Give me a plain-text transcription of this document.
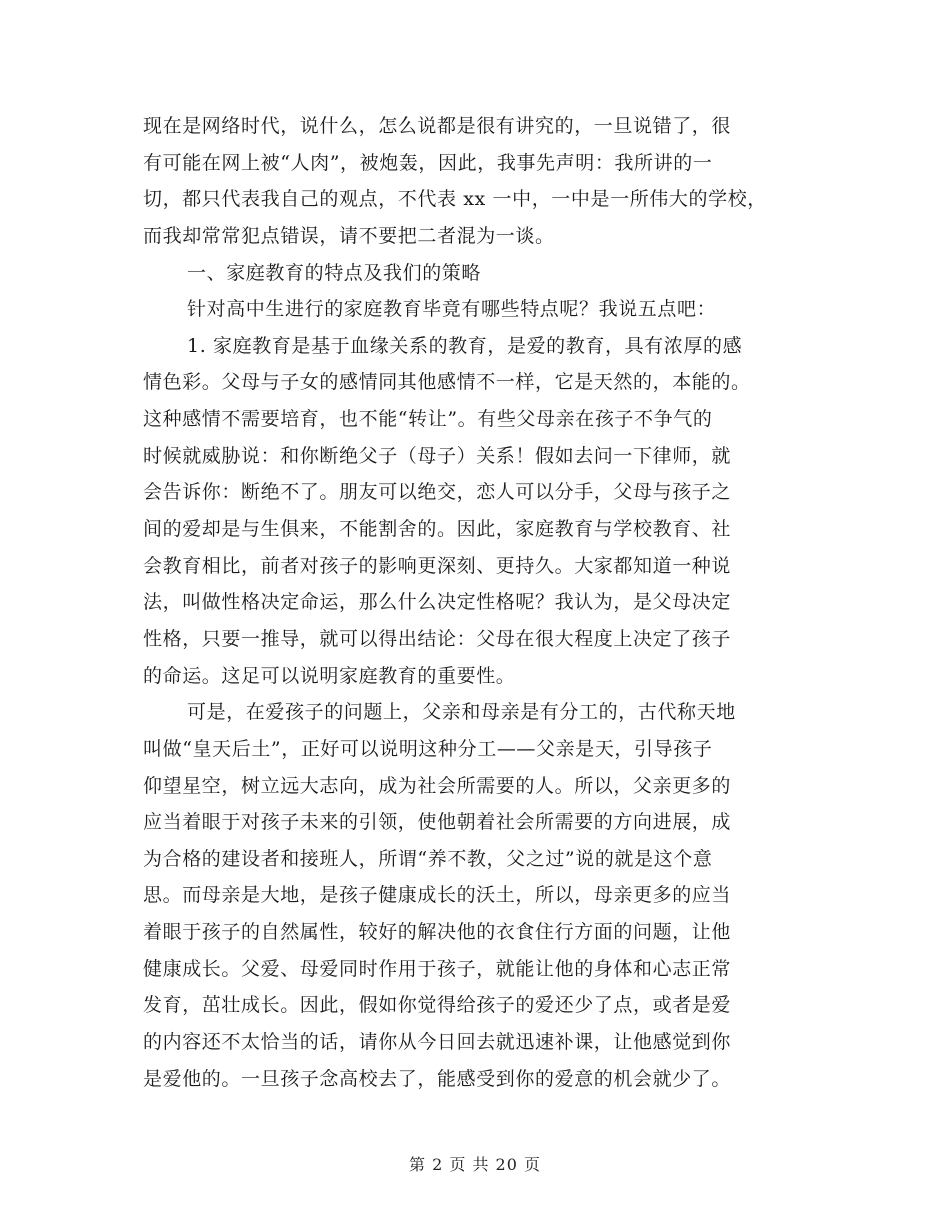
现在是网络时代，说什么，怎么说都是很有讲究的，一旦说错了，很
有可能在网上被“人肉”，被炮轰，因此，我事先声明：我所讲的一
切，都只代表我自己的观点，不代表 xx 一中，一中是一所伟大的学校，
而我却常常犯点错误，请不要把二者混为一谈。
一、家庭教育的特点及我们的策略
针对高中生进行的家庭教育毕竟有哪些特点呢？我说五点吧：
1. 家庭教育是基于血缘关系的教育，是爱的教育，具有浓厚的感
情色彩。父母与子女的感情同其他感情不一样，它是天然的，本能的。
这种感情不需要培育，也不能“转让”。有些父母亲在孩子不争气的
时候就威胁说：和你断绝父子（母子）关系！假如去问一下律师，就
会告诉你：断绝不了。朋友可以绝交，恋人可以分手，父母与孩子之
间的爱却是与生俱来，不能割舍的。因此，家庭教育与学校教育、社
会教育相比，前者对孩子的影响更深刻、更持久。大家都知道一种说
法，叫做性格决定命运，那么什么决定性格呢？我认为，是父母决定
性格，只要一推导，就可以得出结论：父母在很大程度上决定了孩子
的命运。这足可以说明家庭教育的重要性。
可是，在爱孩子的问题上，父亲和母亲是有分工的，古代称天地
叫做“皇天后土”，正好可以说明这种分工——父亲是天，引导孩子
仰望星空，树立远大志向，成为社会所需要的人。所以，父亲更多的
应当着眼于对孩子未来的引领，使他朝着社会所需要的方向进展，成
为合格的建设者和接班人，所谓“养不教，父之过”说的就是这个意
思。而母亲是大地，是孩子健康成长的沃土，所以，母亲更多的应当
着眼于孩子的自然属性，较好的解决他的衣食住行方面的问题，让他
健康成长。父爱、母爱同时作用于孩子，就能让他的身体和心志正常
发育，茁壮成长。因此，假如你觉得给孩子的爱还少了点，或者是爱
的内容还不太恰当的话，请你从今日回去就迅速补课，让他感觉到你
是爱他的。一旦孩子念高校去了，能感受到你的爱意的机会就少了。
第 2 页 共 20 页
